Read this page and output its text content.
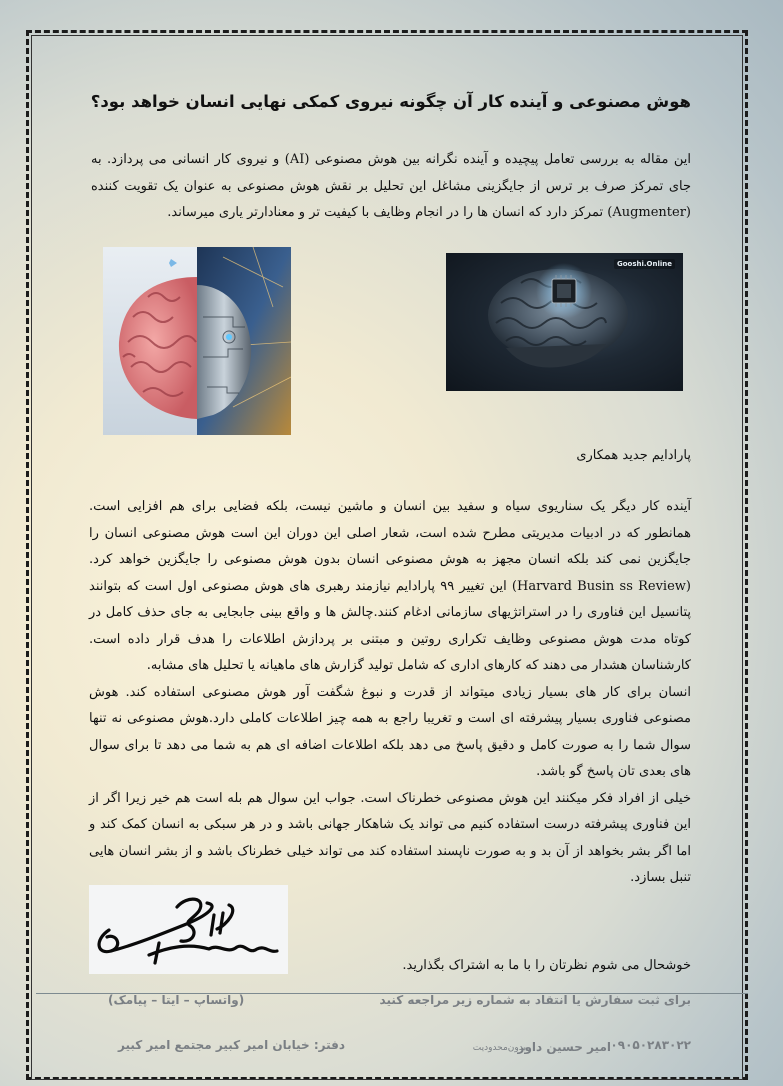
هوش مصنوعی و آینده کار آن چگونه نیروی کمکی نهایی انسان خواهد بود؟
این مقاله به بررسی تعامل پیچیده و آینده نگرانه بین هوش مصنوعی (AI) و نیروی کار انسانی می پردازد. به جای تمرکز صرف بر ترس از جایگزینی مشاغل این تحلیل بر نقش هوش مصنوعی به عنوان یک تقویت کننده (Augmenter) تمرکز دارد که انسان ها را در انجام وظایف با کیفیت تر و معنادارتر یاری میرساند.
Gooshi.Online
پارادایم جدید همکاری
آینده کار دیگر یک سناریوی سیاه و سفید بین انسان و ماشین نیست، بلکه فضایی برای هم افزایی است. همانطور که در ادبیات مدیریتی مطرح شده است، شعار اصلی این دوران این است هوش مصنوعی انسان را جایگزین نمی کند بلکه انسان مجهز به هوش مصنوعی انسان بدون هوش مصنوعی را جایگزین خواهد کرد. (Harvard Busin ss Review) این تغییر ۹۹ پارادایم نیازمند رهبری های هوش مصنوعی اول است که بتوانند پتانسیل این فناوری را در استراتژیهای سازمانی ادغام کنند.چالش ها و واقع بینی جابجایی به جای حذف کامل در کوتاه مدت هوش مصنوعی وظایف تکراری روتین و مبتنی بر پردازش اطلاعات را هدف قرار داده است. کارشناسان هشدار می دهند که کارهای اداری که شامل تولید گزارش های ماهیانه یا تحلیل های مشابه.
انسان برای کار های بسیار زیادی میتواند از قدرت و نبوغ شگفت آور هوش مصنوعی استفاده کند. هوش مصنوعی فناوری بسیار پیشرفته ای است و تغریبا راجع به همه چیز اطلاعات کاملی دارد.هوش مصنوعی نه تنها سوال شما را به صورت کامل و دقیق پاسخ می دهد بلکه اطلاعات اضافه ای هم به شما می دهد تا برای سوال های بعدی تان پاسخ گو باشد.
خیلی از افراد فکر میکنند این هوش مصنوعی خطرناک است. جواب این سوال هم بله است هم خیر زیرا اگر از این فناوری پیشرفته درست استفاده کنیم می تواند یک شاهکار جهانی باشد و در هر سبکی به انسان کمک کند و اما اگر بشر بخواهد از آن بد و به صورت ناپسند استفاده کند می تواند خیلی خطرناک باشد و از بشر انسان هایی تنبل بسازد.
خوشحال می شوم نظرتان را با ما به اشتراک بگذارید.
برای ثبت سفارش یا انتقاد به شماره زیر مراجعه کنید
(واتساپ – ایتا – پیامک)
۰۹۰۵۰۲۸۳۰۲۲
امیر حسین داور
بدون‌محدودیت
دفتر: خیابان امیر کبیر مجتمع امیر کبیر
